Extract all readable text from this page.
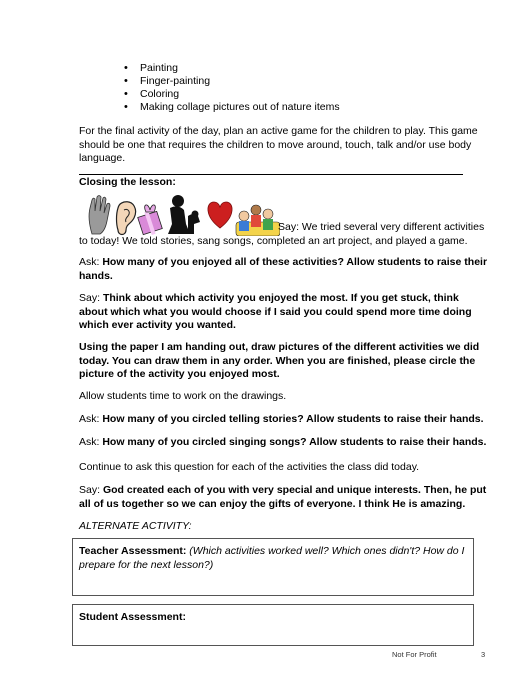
• Painting
• Finger-painting
• Coloring
• Making collage pictures out of nature items

For the final activity of the day, plan an active game for the children to play. This game should be one that requires the children to move around, touch, talk and/or use body language.

Closing the lesson:

Say: We tried several very different activities to today! We told stories, sang songs, completed an art project, and played a game.

Ask: How many of you enjoyed all of these activities? Allow students to raise their hands.

Say: Think about which activity you enjoyed the most. If you get stuck, think about which what you would choose if I said you could spend more time doing which ever activity you wanted.

Using the paper I am handing out, draw pictures of the different activities we did today. You can draw them in any order. When you are finished, please circle the picture of the activity you enjoyed most.

Allow students time to work on the drawings.

Ask: How many of you circled telling stories? Allow students to raise their hands.

Ask: How many of you circled singing songs? Allow students to raise their hands.

Continue to ask this question for each of the activities the class did today.

Say: God created each of you with very special and unique interests. Then, he put all of us together so we can enjoy the gifts of everyone. I think He is amazing.

ALTERNATE ACTIVITY:

Teacher Assessment: (Which activities worked well? Which ones didn't? How do I prepare for the next lesson?)
Student Assessment:
Not For Profit	3
